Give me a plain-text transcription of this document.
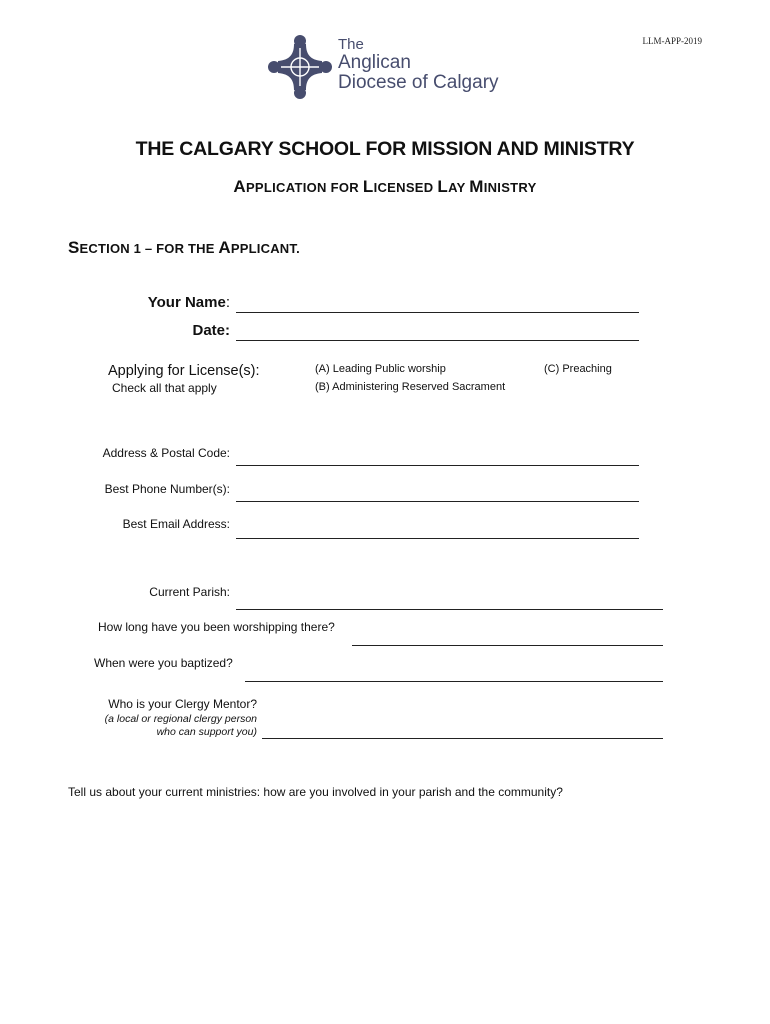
LLM-APP-2019
The
Anglican
Diocese of Calgary
THE CALGARY SCHOOL FOR MISSION AND MINISTRY
APPLICATION FOR LICENSED LAY MINISTRY
SECTION 1 – FOR THE APPLICANT.
Your Name:
Date:
Applying for License(s):
Check all that apply
(A) Leading Public worship
(B) Administering Reserved Sacrament
(C) Preaching
Address & Postal Code:
Best Phone Number(s):
Best Email Address:
Current Parish:
How long have you been worshipping there?
When were you baptized?
Who is your Clergy Mentor?
(a local or regional clergy person
who can support you)
Tell us about your current ministries: how are you involved in your parish and the community?
